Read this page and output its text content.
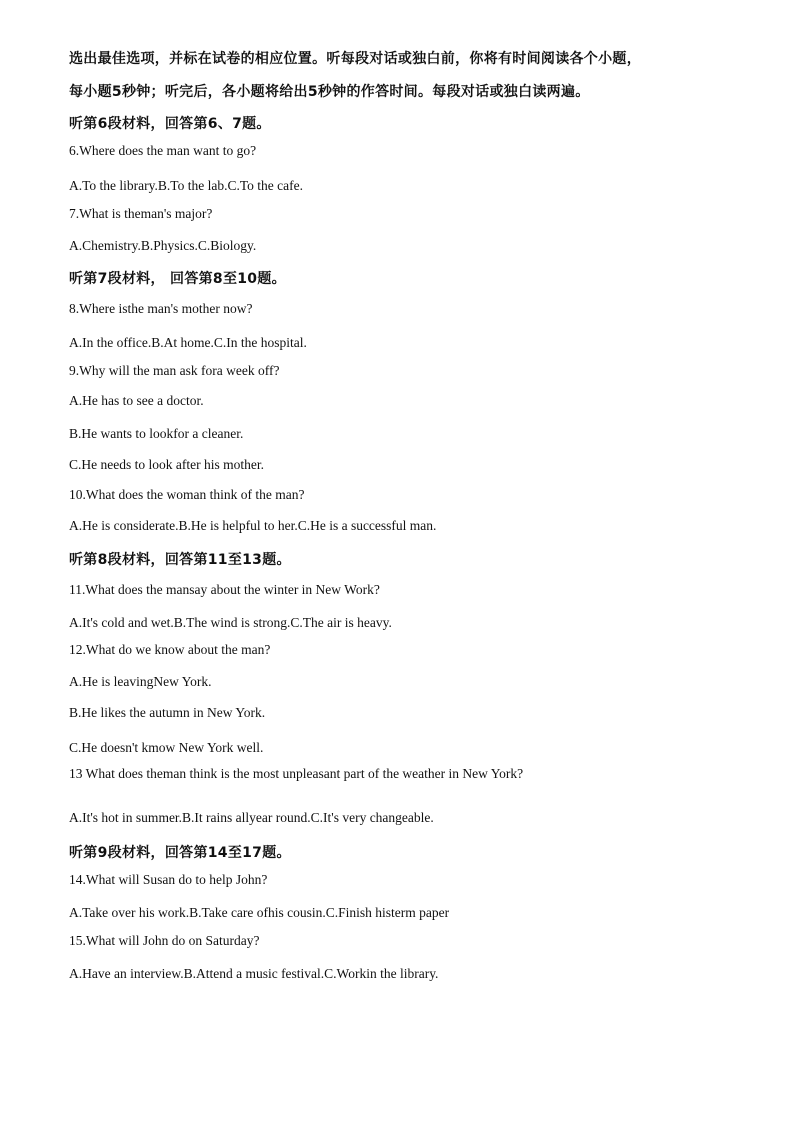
选出最佳选项，并标在试卷的相应位置。听每段对话或独白前，你将有时间阅读各个小题，
每小题5秒钟；听完后，各小题将给出5秒钟的作答时间。每段对话或独白读两遍。
听第6段材料，回答第6、7题。
6.Where does the man want to go?
A.To the library.B.To the lab.C.To the cafe.
7.What is theman's major?
A.Chemistry.B.Physics.C.Biology.
听第7段材料， 回答第8至10题。
8.Where isthe man's mother now?
A.In the office.B.At home.C.In the hospital.
9.Why will the man ask fora week off?
A.He has to see a doctor.
B.He wants to lookfor a cleaner.
C.He needs to look after his mother.
10.What does the woman think of the man?
A.He is considerate.B.He is helpful to her.C.He is a successful man.
听第8段材料，回答第11至13题。
11.What does the mansay about the winter in New Work?
A.It's cold and wet.B.The wind is strong.C.The air is heavy.
12.What do we know about the man?
A.He is leavingNew York.
B.He likes the autumn in New York.
C.He doesn't kmow New York well.
13 What does theman think is the most unpleasant part of the weather in New York?
A.It's hot in summer.B.It rains allyear round.C.It's very changeable.
听第9段材料，回答第14至17题。
14.What will Susan do to help John?
A.Take over his work.B.Take care ofhis cousin.C.Finish histerm paper
15.What will John do on Saturday?
A.Have an interview.B.Attend a music festival.C.Workin the library.
